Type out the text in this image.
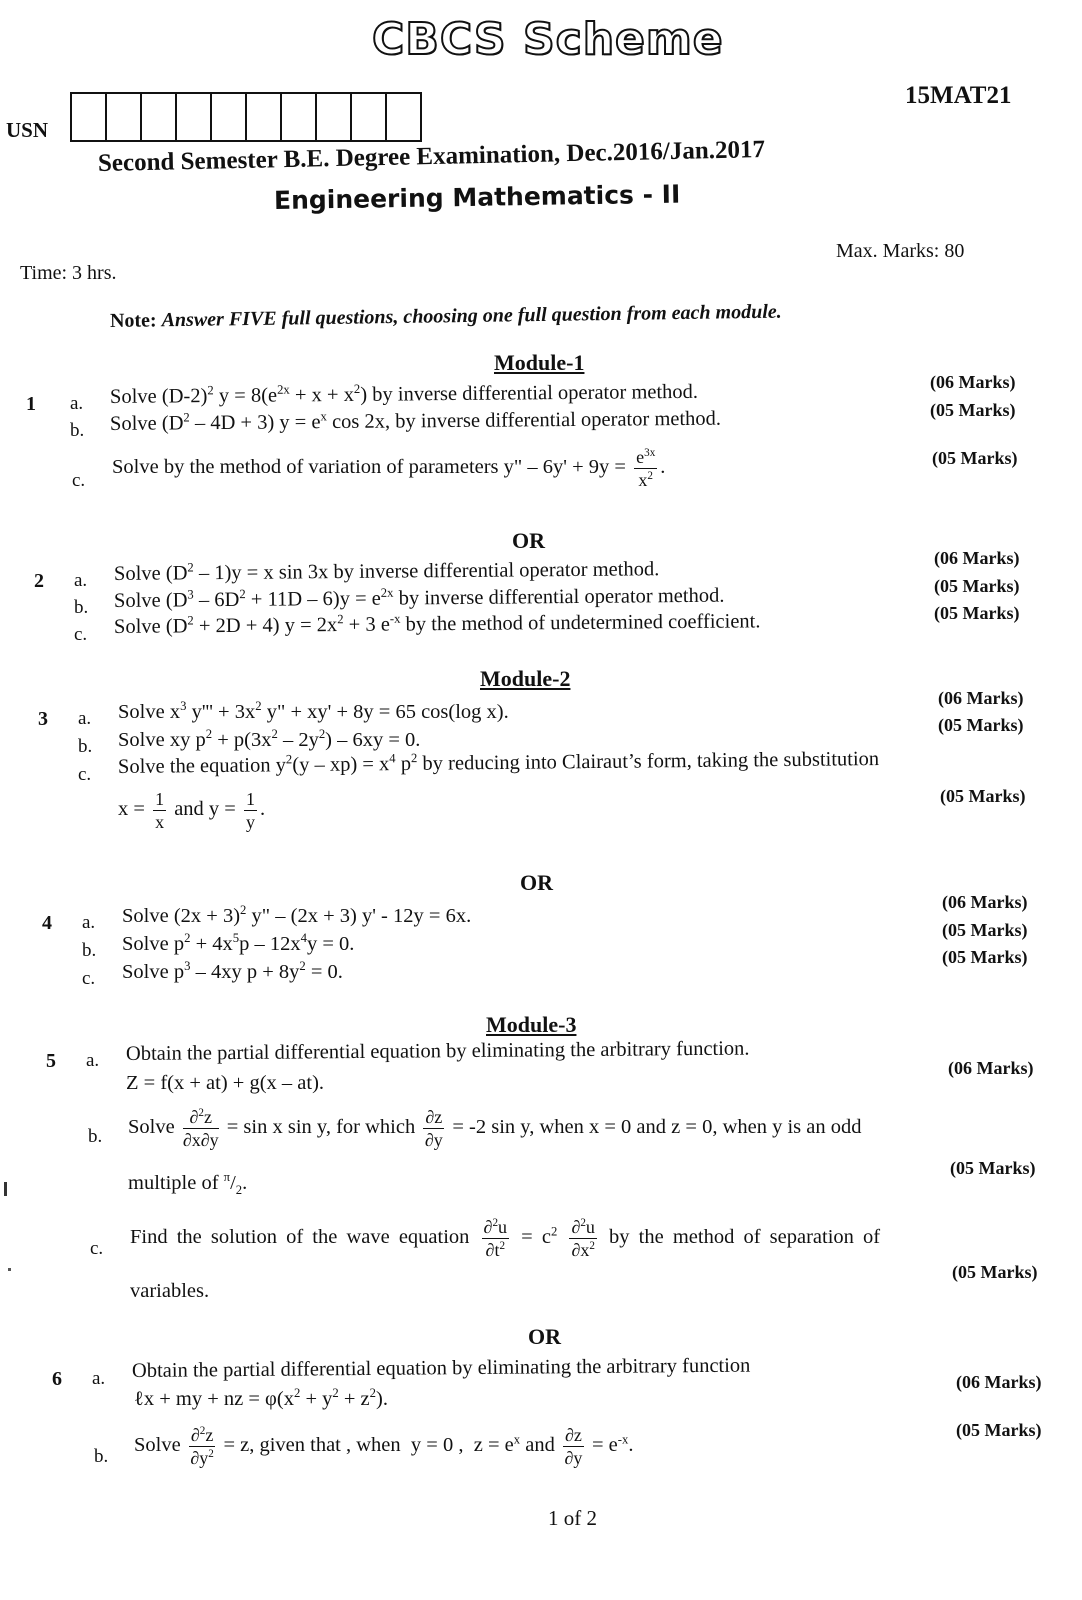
CBCS Scheme
15MAT21
USN
Second Semester B.E. Degree Examination, Dec.2016/Jan.2017
Engineering Mathematics - II
Time: 3 hrs.
Max. Marks: 80
Note: Answer FIVE full questions, choosing one full question from each module.
Module-1
1 a. Solve $(D-2)^2$ $y = 8(e^{2x} + x + x^2)$ by inverse differential operator method.	(06 Marks)
b. Solve $(D^2 - 4D + 3) y = e^x$ cos 2x, by inverse differential operator method.	(05 Marks)
c.
Solve by the method of variation of parameters y" – $6y' + 9y = \frac{e^{3x}}{x^2}$ .	(05 Marks)
OR
2 a. Solve $(D^2 - 1)y = x$ sin 3x by inverse differential operator method.
(06 Marks)
b. Solve $(D^3 - 6D^2 + 11D - 6)y = e^{2x}$ by inverse differential operator method.	(05 Marks)
c. Solve $(D^2 + 2D + 4) y = 2x^2 + 3$ $e^{-x}$ by the method of undetermined coefficient.	(05 Marks)
Module-2
3 a. Solve $x^3$ $y''' + 3x^2$ y" + xy' + 8y = 65 cos(log x).
(06 Marks)
b. Solve xy $p^2 + p(3x^2 - 2y^2) - 6xy = 0$.
(05 Marks)
c. Solve the equation $y^2(y - xp) = x^4$ $p^2$ by reducing into Clairaut’s form, taking the substitution
$x = \frac{1}{x}$ and $y = \frac{1}{y}$ .
(05 Marks)
OR
4 a. Solve $(2x + 3)^2$ y" – (2x + 3) y' - 12y = 6x.
(06 Marks)
b. Solve $p^2 + 4x^5p - 12x^4y = 0$.
(05 Marks)
c. Solve $p^3 - 4xy$ $p + 8y^2 = 0$.
(05 Marks)
Module-3
5 a. Obtain the partial differential equation by eliminating the arbitrary function.
Z = f(x + at) + g(x – at).
(06 Marks)
b. Solve $\frac{\partial^2z}{\partial x\partial y} = \sin x$ sin y, for which $\frac{\partial z}{\partial y} = -2$ sin y, when x = 0 and z = 0, when y is an odd
multiple of $^\pi/_2$.
(05 Marks)
c.
Find the solution of the wave equation $\frac{\partial^2u}{\partial t^2} = c^2 \frac{\partial^2u}{\partial x^2}$ by the method of separation of
variables.
(05 Marks)
OR
6 a. Obtain the partial differential equation by eliminating the arbitrary function
ℓx + my + nz = $\varphi(x^2 + y^2 + z^2)$.
(06 Marks)
b.
Solve $\frac{\partial^2z}{\partial y^2} = z$, given that , when  y = 0 ,  $z = e^x$ and $\frac{\partial z}{\partial y} = e^{-x}$.
(05 Marks)
1 of 2
